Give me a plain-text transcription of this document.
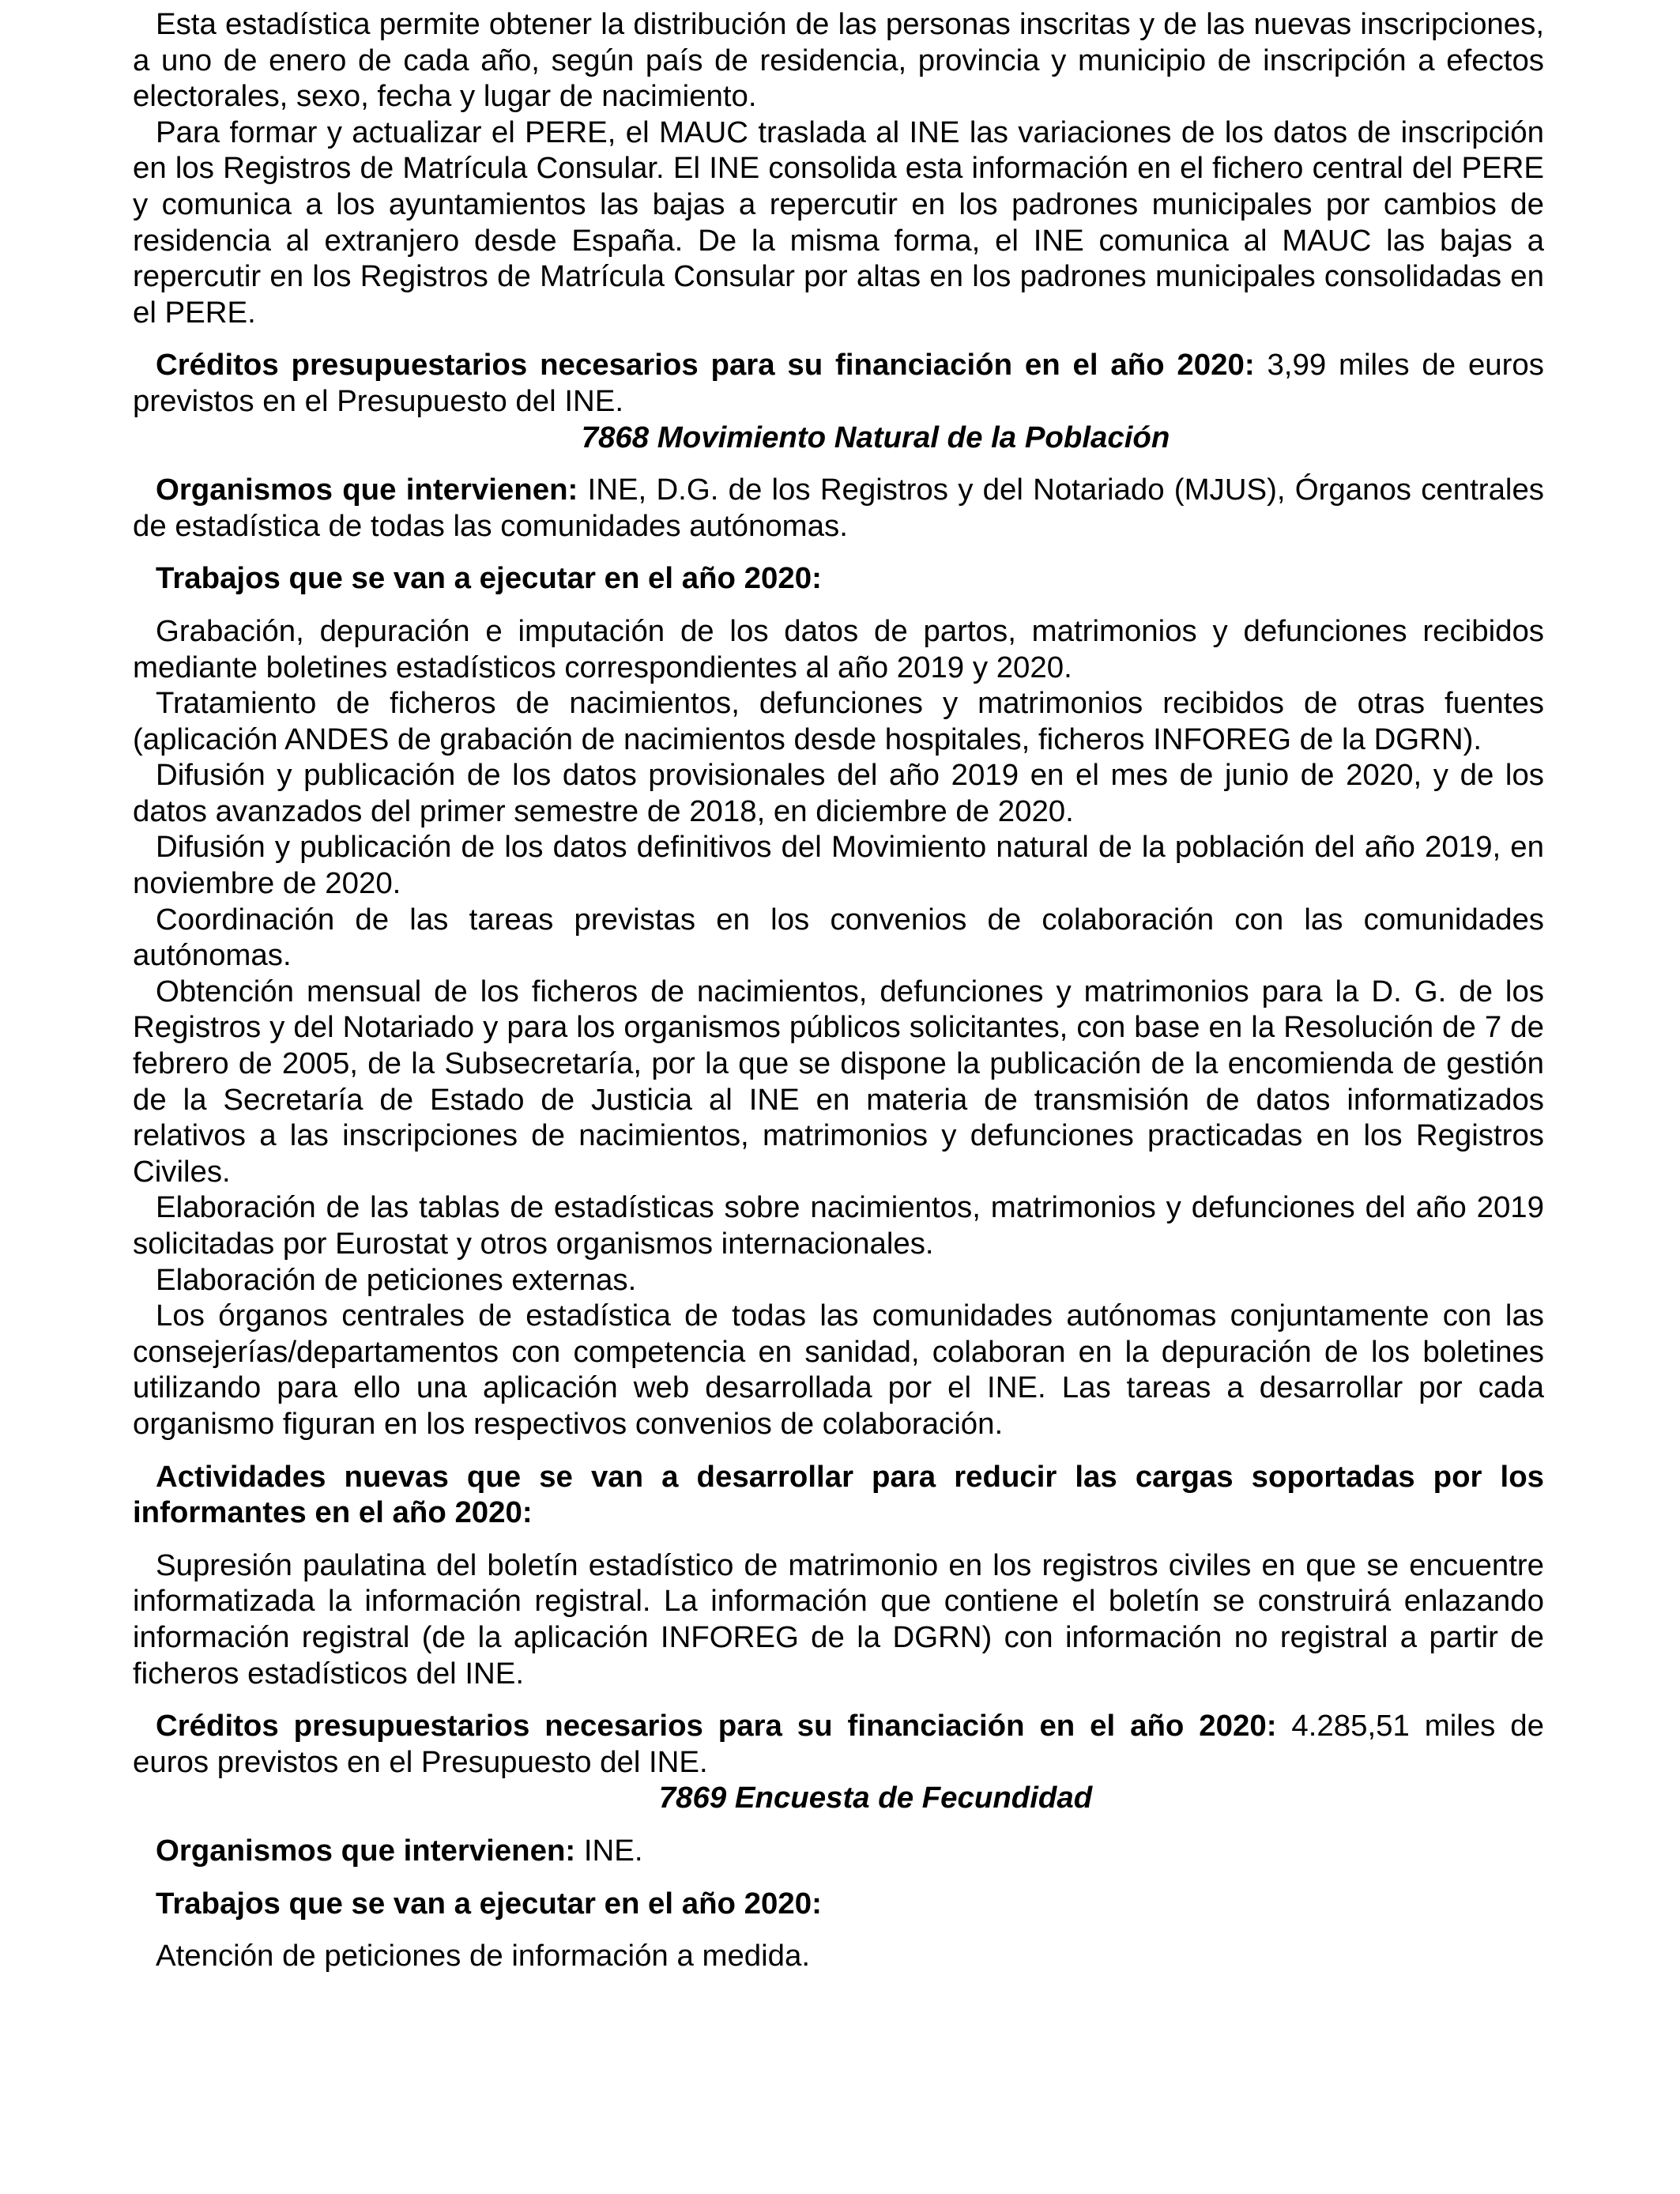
Esta estadística permite obtener la distribución de las personas inscritas y de las nuevas inscripciones, a uno de enero de cada año, según país de residencia, provincia y municipio de inscripción a efectos electorales, sexo, fecha y lugar de nacimiento.

Para formar y actualizar el PERE, el MAUC traslada al INE las variaciones de los datos de inscripción en los Registros de Matrícula Consular. El INE consolida esta información en el fichero central del PERE y comunica a los ayuntamientos las bajas a repercutir en los padrones municipales por cambios de residencia al extranjero desde España. De la misma forma, el INE comunica al MAUC las bajas a repercutir en los Registros de Matrícula Consular por altas en los padrones municipales consolidadas en el PERE.

Créditos presupuestarios necesarios para su financiación en el año 2020: 3,99 miles de euros previstos en el Presupuesto del INE.

7868 Movimiento Natural de la Población

Organismos que intervienen: INE, D.G. de los Registros y del Notariado (MJUS), Órganos centrales de estadística de todas las comunidades autónomas.

Trabajos que se van a ejecutar en el año 2020:

Grabación, depuración e imputación de los datos de partos, matrimonios y defunciones recibidos mediante boletines estadísticos correspondientes al año 2019 y 2020.

Tratamiento de ficheros de nacimientos, defunciones y matrimonios recibidos de otras fuentes (aplicación ANDES de grabación de nacimientos desde hospitales, ficheros INFOREG de la DGRN).

Difusión y publicación de los datos provisionales del año 2019 en el mes de junio de 2020, y de los datos avanzados del primer semestre de 2018, en diciembre de 2020.

Difusión y publicación de los datos definitivos del Movimiento natural de la población del año 2019, en noviembre de 2020.

Coordinación de las tareas previstas en los convenios de colaboración con las comunidades autónomas.

Obtención mensual de los ficheros de nacimientos, defunciones y matrimonios para la D. G. de los Registros y del Notariado y para los organismos públicos solicitantes, con base en la Resolución de 7 de febrero de 2005, de la Subsecretaría, por la que se dispone la publicación de la encomienda de gestión de la Secretaría de Estado de Justicia al INE en materia de transmisión de datos informatizados relativos a las inscripciones de nacimientos, matrimonios y defunciones practicadas en los Registros Civiles.

Elaboración de las tablas de estadísticas sobre nacimientos, matrimonios y defunciones del año 2019 solicitadas por Eurostat y otros organismos internacionales.

Elaboración de peticiones externas.

Los órganos centrales de estadística de todas las comunidades autónomas conjuntamente con las consejerías/departamentos con competencia en sanidad, colaboran en la depuración de los boletines utilizando para ello una aplicación web desarrollada por el INE. Las tareas a desarrollar por cada organismo figuran en los respectivos convenios de colaboración.

Actividades nuevas que se van a desarrollar para reducir las cargas soportadas por los informantes en el año 2020:

Supresión paulatina del boletín estadístico de matrimonio en los registros civiles en que se encuentre informatizada la información registral. La información que contiene el boletín se construirá enlazando información registral (de la aplicación INFOREG de la DGRN) con información no registral a partir de ficheros estadísticos del INE.

Créditos presupuestarios necesarios para su financiación en el año 2020: 4.285,51 miles de euros previstos en el Presupuesto del INE.

7869 Encuesta de Fecundidad

Organismos que intervienen: INE.

Trabajos que se van a ejecutar en el año 2020:

Atención de peticiones de información a medida.
